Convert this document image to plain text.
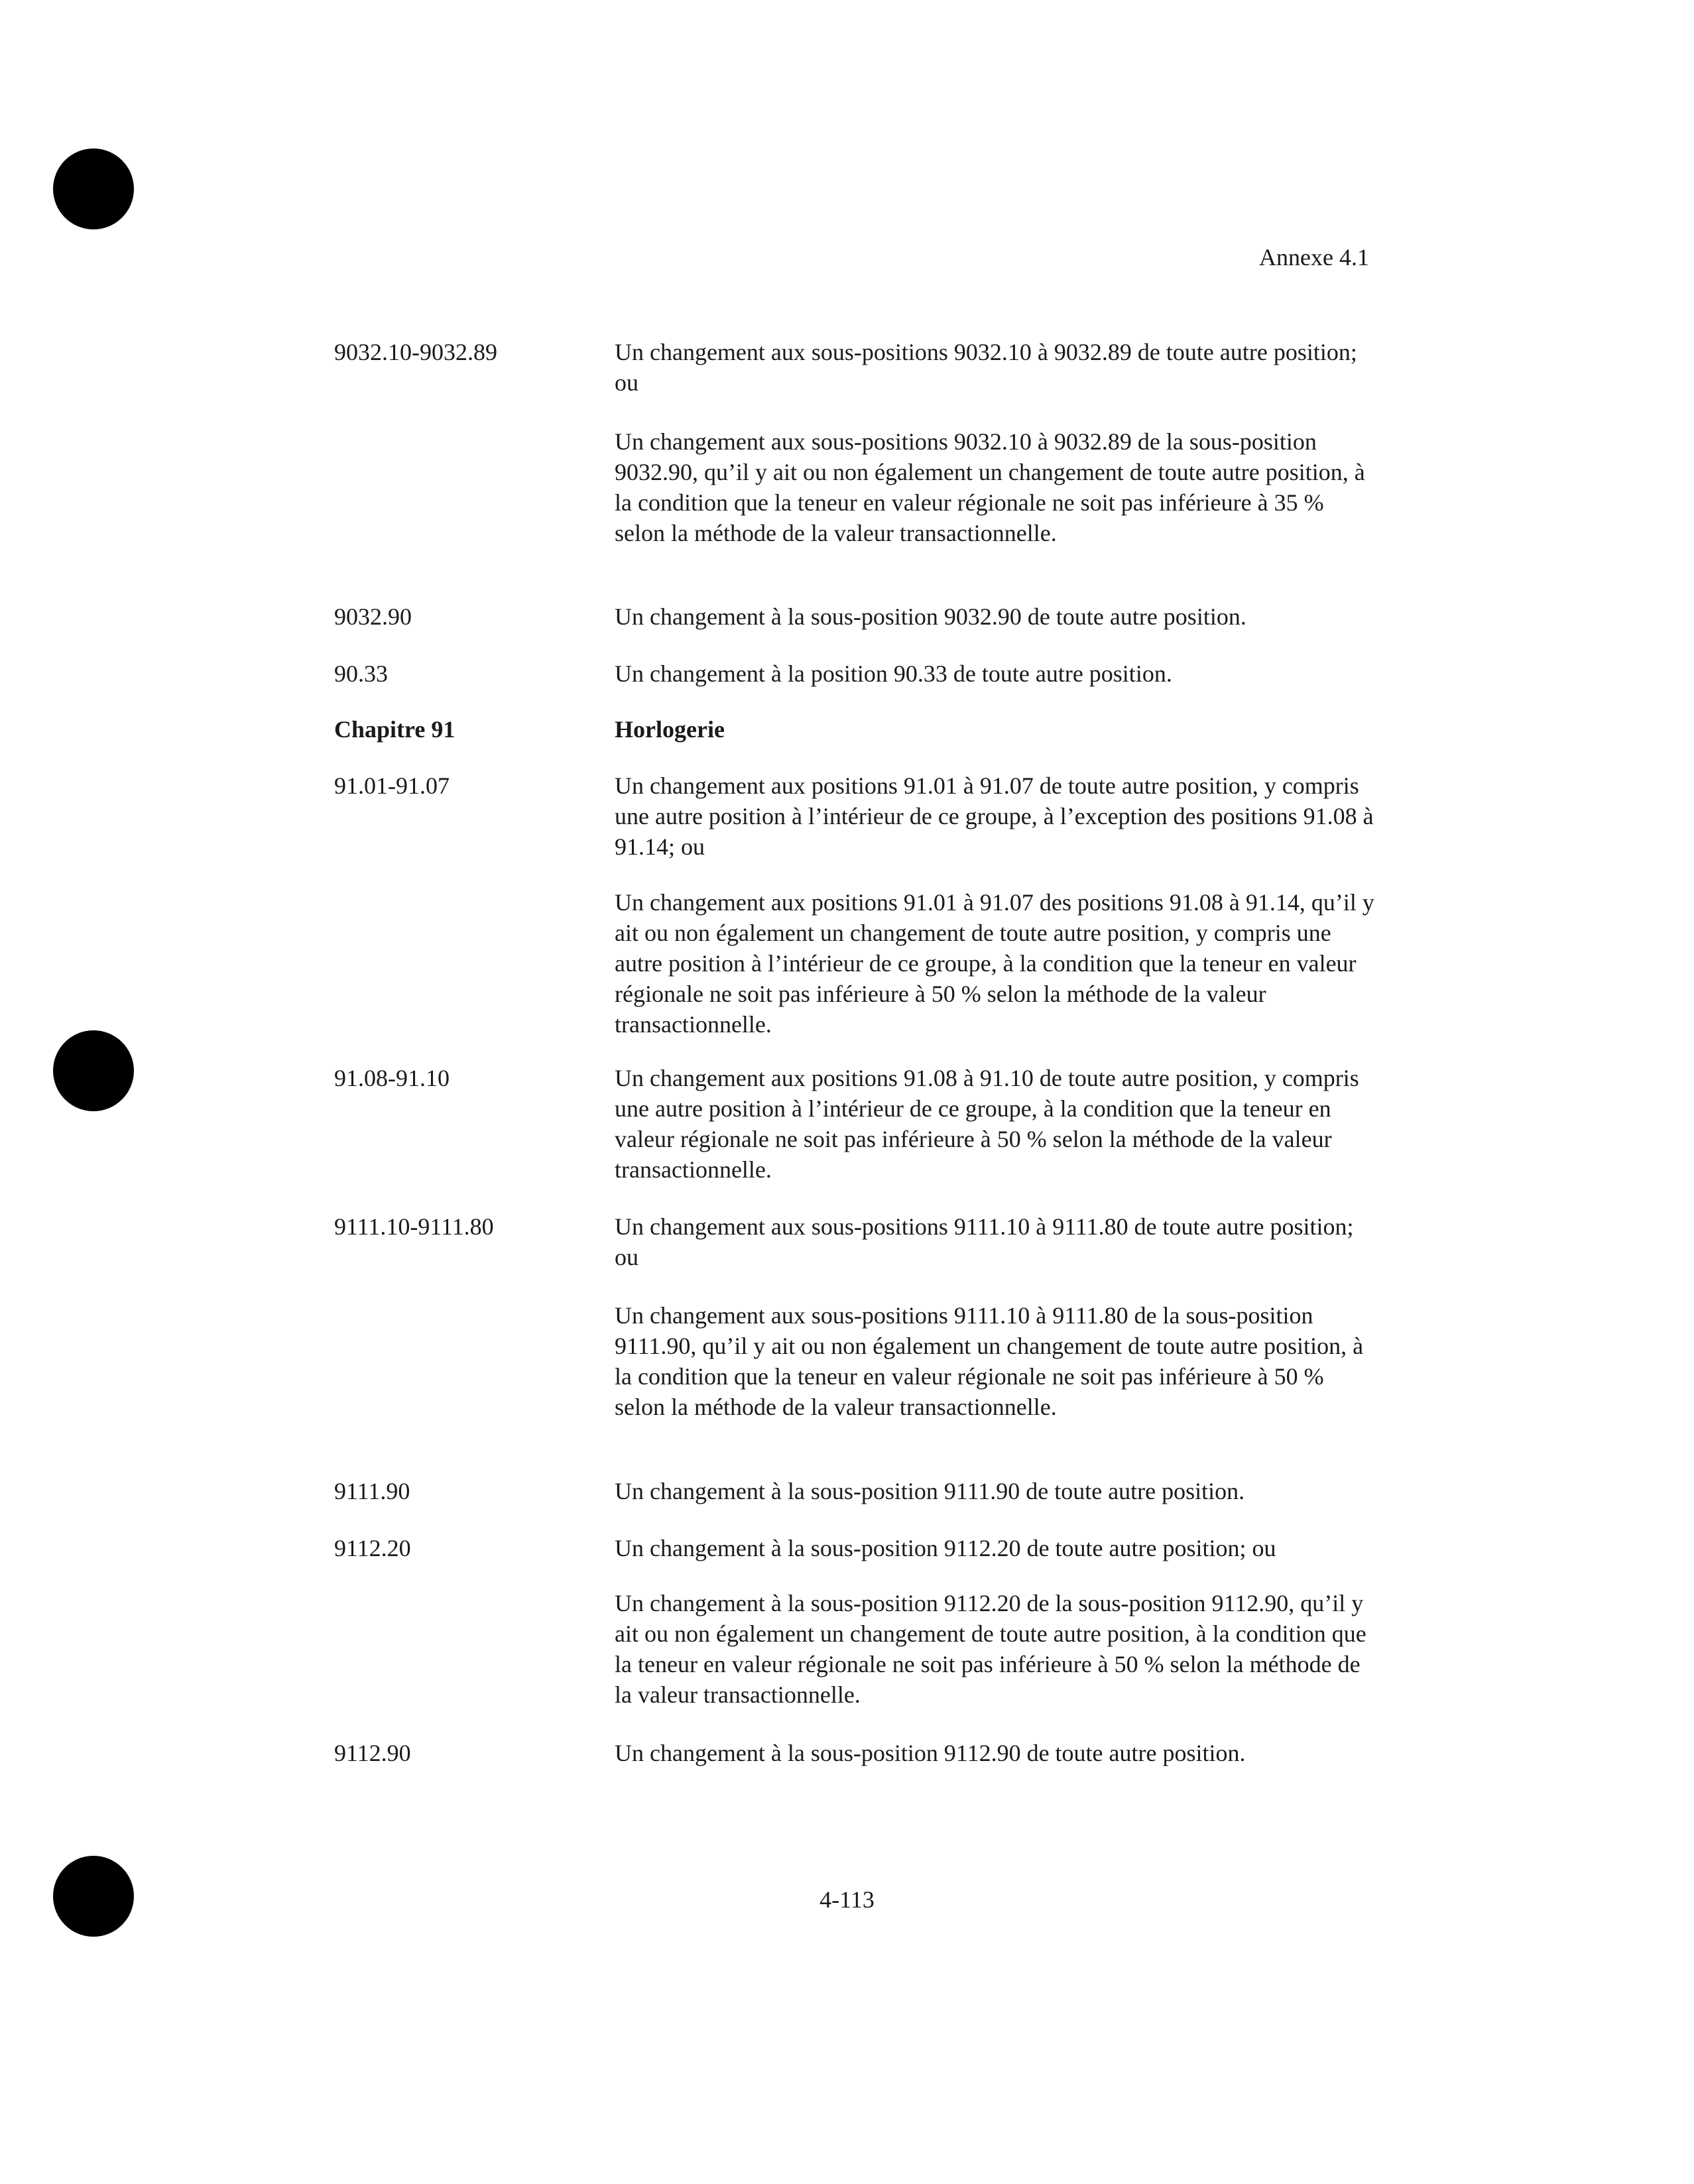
Annexe 4.1
9032.10-9032.89	Un changement aux sous-positions 9032.10 à 9032.89 de toute autre position; ou
Un changement aux sous-positions 9032.10 à 9032.89 de la sous-position 9032.90, qu’il y ait ou non également un changement de toute autre position, à la condition que la teneur en valeur régionale ne soit pas inférieure à 35 % selon la méthode de la valeur transactionnelle.
9032.90	Un changement à la sous-position 9032.90 de toute autre position.
90.33	Un changement à la position 90.33 de toute autre position.
Chapitre 91	Horlogerie
91.01-91.07	Un changement aux positions 91.01 à 91.07 de toute autre position, y compris une autre position à l’intérieur de ce groupe, à l’exception des positions 91.08 à 91.14; ou
Un changement aux positions 91.01 à 91.07 des positions 91.08 à 91.14, qu’il y ait ou non également un changement de toute autre position, y compris une autre position à l’intérieur de ce groupe, à la condition que la teneur en valeur régionale ne soit pas inférieure à 50 % selon la méthode de la valeur transactionnelle.
91.08-91.10	Un changement aux positions 91.08 à 91.10 de toute autre position, y compris une autre position à l’intérieur de ce groupe, à la condition que la teneur en valeur régionale ne soit pas inférieure à 50 % selon la méthode de la valeur transactionnelle.
9111.10-9111.80	Un changement aux sous-positions 9111.10 à 9111.80 de toute autre position; ou
Un changement aux sous-positions 9111.10 à 9111.80 de la sous-position 9111.90, qu’il y ait ou non également un changement de toute autre position, à la condition que la teneur en valeur régionale ne soit pas inférieure à 50 % selon la méthode de la valeur transactionnelle.
9111.90	Un changement à la sous-position 9111.90 de toute autre position.
9112.20	Un changement à la sous-position 9112.20 de toute autre position; ou
Un changement à la sous-position 9112.20 de la sous-position 9112.90, qu’il y ait ou non également un changement de toute autre position, à la condition que la teneur en valeur régionale ne soit pas inférieure à 50 % selon la méthode de la valeur transactionnelle.
9112.90	Un changement à la sous-position 9112.90 de toute autre position.
4-113
